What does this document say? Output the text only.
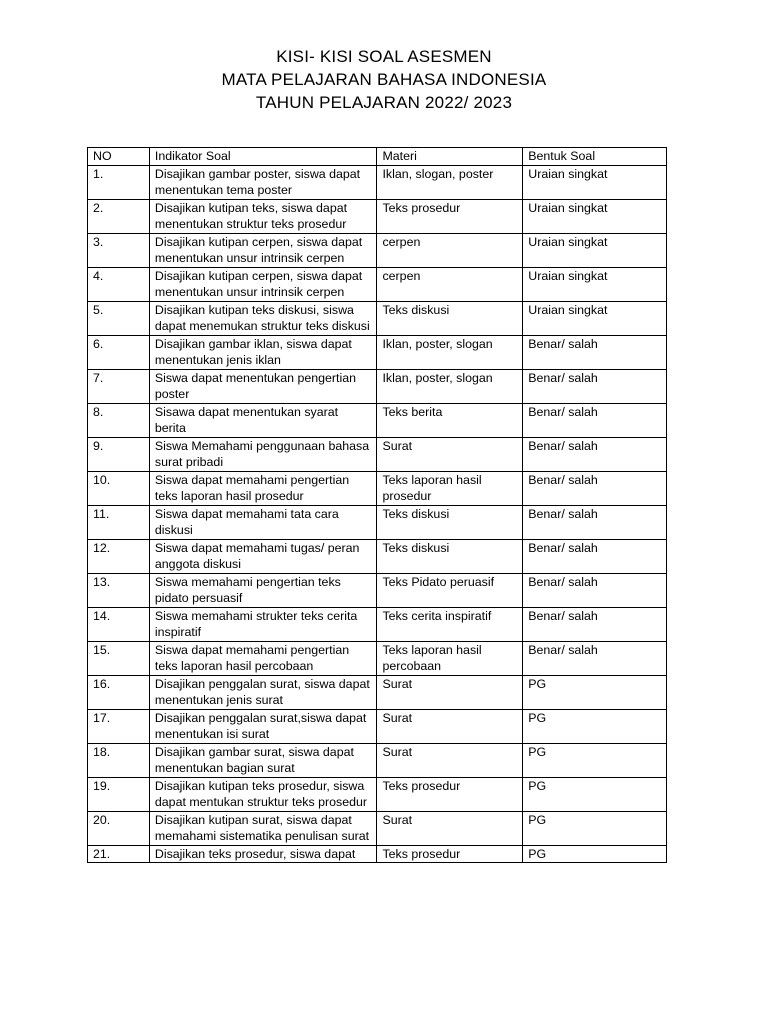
KISI- KISI SOAL ASESMEN
MATA PELAJARAN BAHASA INDONESIA
TAHUN PELAJARAN 2022/ 2023
NO	Indikator Soal	Materi	Bentuk Soal
1.	Disajikan gambar poster, siswa dapat menentukan tema poster	Iklan, slogan, poster	Uraian singkat
2.	Disajikan kutipan teks, siswa dapat menentukan struktur teks prosedur	Teks prosedur	Uraian singkat
3.	Disajikan kutipan cerpen, siswa dapat menentukan unsur intrinsik cerpen	cerpen	Uraian singkat
4.	Disajikan kutipan cerpen, siswa dapat menentukan unsur intrinsik cerpen	cerpen	Uraian singkat
5.	Disajikan kutipan teks diskusi, siswa dapat menemukan struktur teks diskusi	Teks diskusi	Uraian singkat
6.	Disajikan gambar iklan, siswa dapat menentukan jenis iklan	Iklan, poster, slogan	Benar/ salah
7.	Siswa dapat menentukan pengertian poster	Iklan, poster, slogan	Benar/ salah
8.	Sisawa dapat menentukan syarat berita	Teks berita	Benar/ salah
9.	Siswa Memahami penggunaan bahasa surat pribadi	Surat	Benar/ salah
10.	Siswa dapat memahami pengertian teks laporan hasil prosedur	Teks laporan hasil prosedur	Benar/ salah
11.	Siswa dapat memahami tata cara diskusi	Teks diskusi	Benar/ salah
12.	Siswa dapat memahami tugas/ peran anggota diskusi	Teks diskusi	Benar/ salah
13.	Siswa memahami pengertian teks pidato persuasif	Teks Pidato peruasif	Benar/ salah
14.	Siswa memahami strukter teks cerita inspiratif	Teks cerita inspiratif	Benar/ salah
15.	Siswa dapat memahami pengertian teks laporan hasil percobaan	Teks laporan hasil percobaan	Benar/ salah
16.	Disajikan penggalan surat, siswa dapat menentukan jenis surat	Surat	PG
17.	Disajikan penggalan surat,siswa dapat menentukan isi surat	Surat	PG
18.	Disajikan gambar surat, siswa dapat menentukan bagian surat	Surat	PG
19.	Disajikan kutipan teks prosedur, siswa dapat mentukan struktur teks prosedur	Teks prosedur	PG
20.	Disajikan kutipan surat, siswa dapat memahami sistematika penulisan surat	Surat	PG
21.	Disajikan teks prosedur, siswa dapat	Teks prosedur	PG
